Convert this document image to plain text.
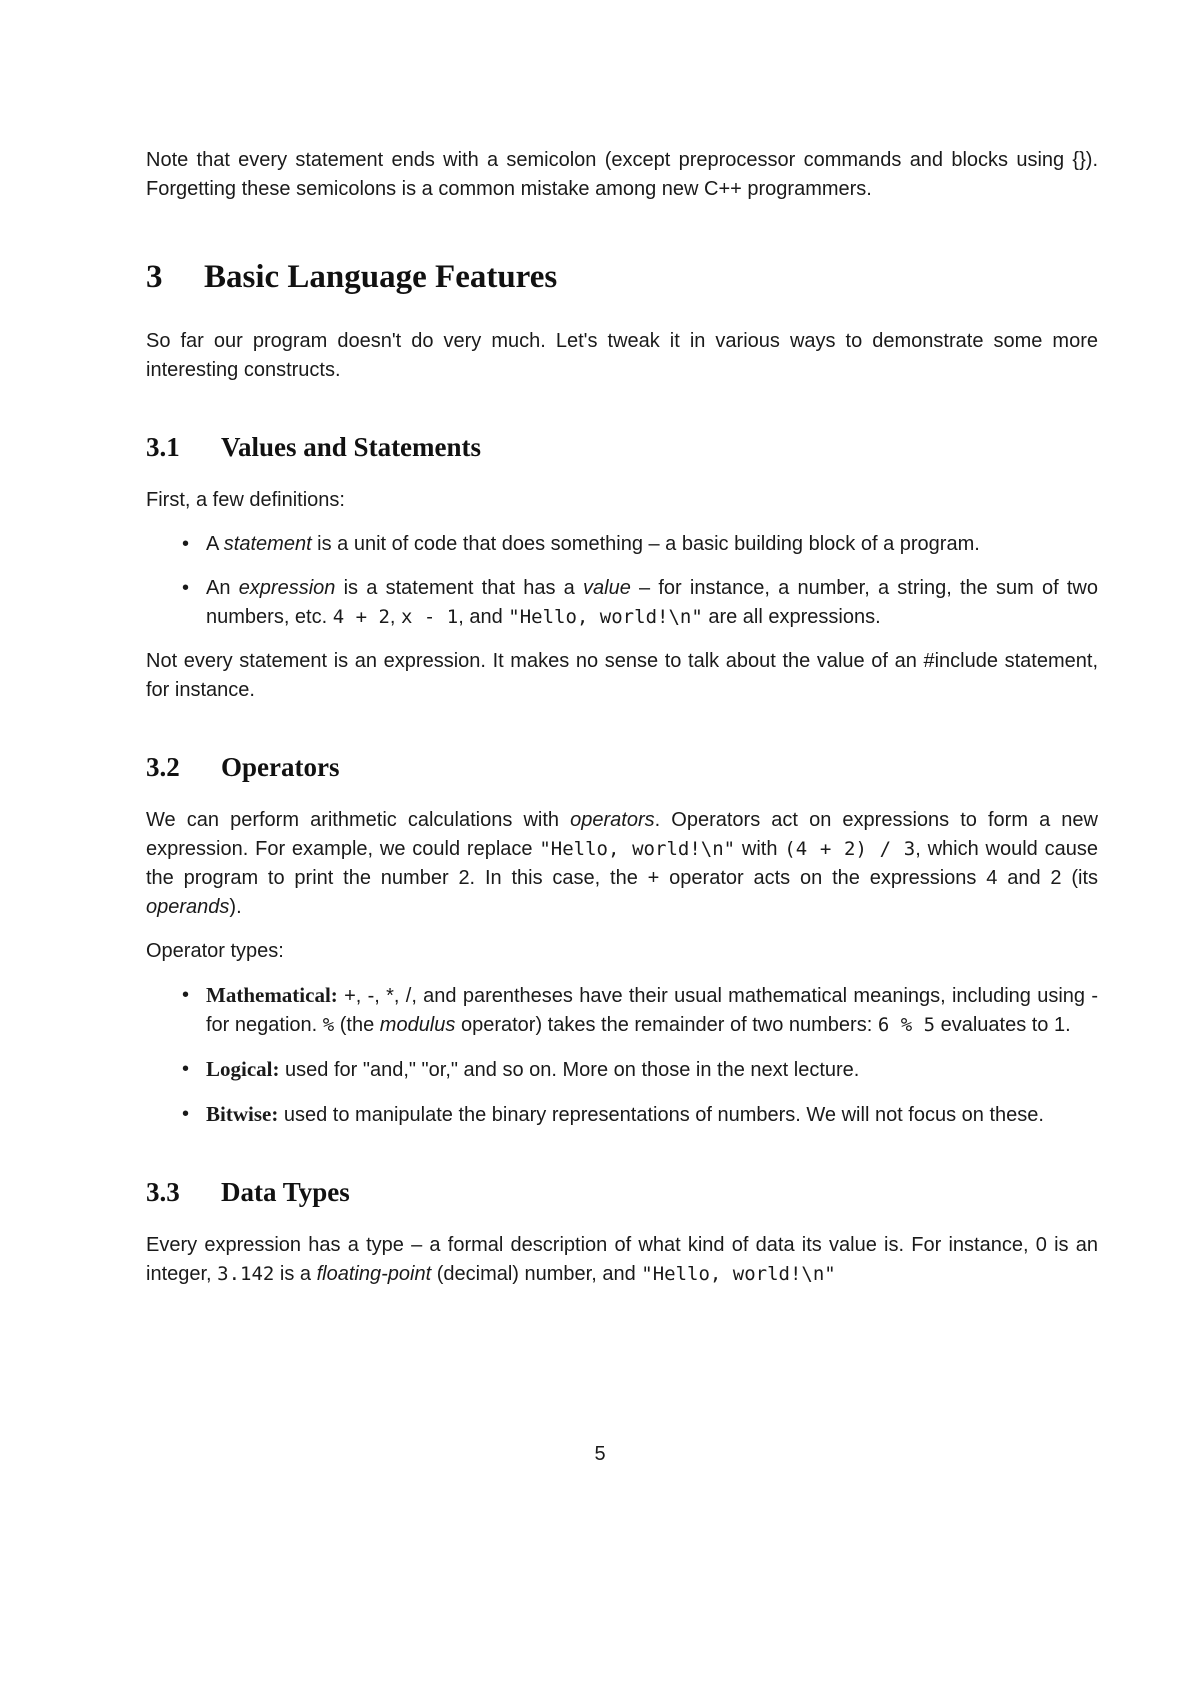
Note that every statement ends with a semicolon (except preprocessor commands and blocks using {}). Forgetting these semicolons is a common mistake among new C++ programmers.

3 Basic Language Features

So far our program doesn't do very much. Let's tweak it in various ways to demonstrate some more interesting constructs.

3.1 Values and Statements

First, a few definitions:

• A statement is a unit of code that does something – a basic building block of a program.
• An expression is a statement that has a value – for instance, a number, a string, the sum of two numbers, etc. 4 + 2, x - 1, and "Hello, world!\n" are all expressions.

Not every statement is an expression. It makes no sense to talk about the value of an #include statement, for instance.

3.2 Operators

We can perform arithmetic calculations with operators. Operators act on expressions to form a new expression. For example, we could replace "Hello, world!\n" with (4 + 2) / 3, which would cause the program to print the number 2. In this case, the + operator acts on the expressions 4 and 2 (its operands).

Operator types:

• Mathematical: +, -, *, /, and parentheses have their usual mathematical meanings, including using - for negation. % (the modulus operator) takes the remainder of two numbers: 6 % 5 evaluates to 1.
• Logical: used for "and," "or," and so on. More on those in the next lecture.
• Bitwise: used to manipulate the binary representations of numbers. We will not focus on these.
3.3 Data Types

Every expression has a type – a formal description of what kind of data its value is. For instance, 0 is an integer, 3.142 is a floating-point (decimal) number, and "Hello, world!\n"

5
